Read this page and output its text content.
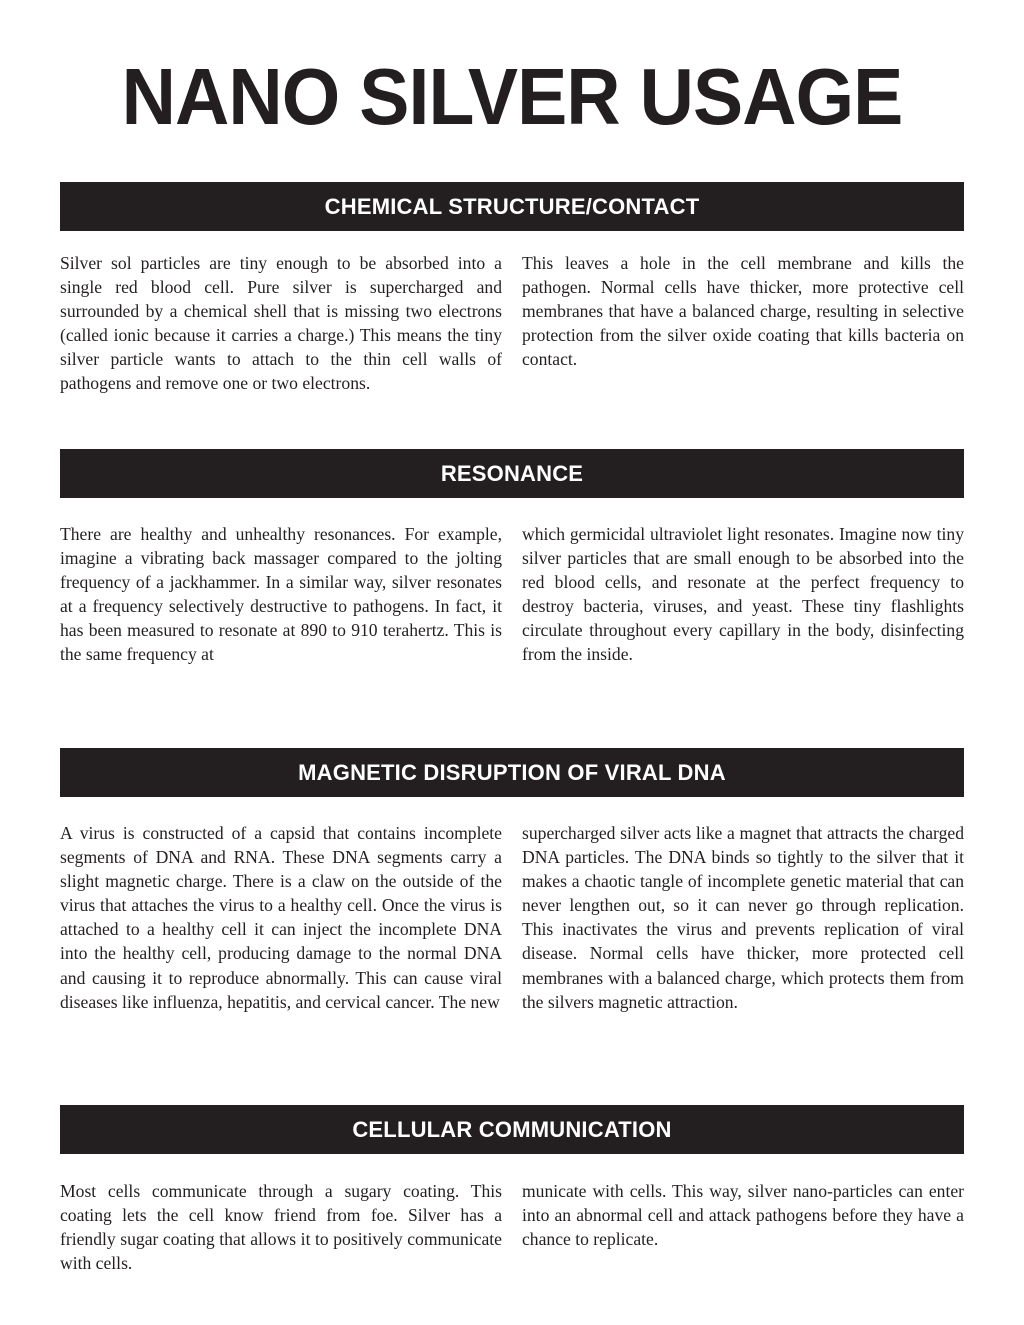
NANO SILVER USAGE
CHEMICAL STRUCTURE/CONTACT

Silver sol particles are tiny enough to be absorbed into a single red blood cell. Pure silver is supercharged and surrounded by a chemical shell that is missing two electrons (called ionic because it carries a charge.) This means the tiny silver particle wants to attach to the thin cell walls of pathogens and remove one or two electrons.

This leaves a hole in the cell membrane and kills the pathogen. Normal cells have thicker, more protective cell membranes that have a balanced charge, resulting in selective protection from the silver oxide coating that kills bacteria on contact.

RESONANCE

There are healthy and unhealthy resonances. For example, imagine a vibrating back massager compared to the jolting frequency of a jackhammer. In a similar way, silver resonates at a frequency selectively destructive to pathogens. In fact, it has been measured to resonate at 890 to 910 terahertz. This is the same frequency at

which germicidal ultraviolet light resonates. Imagine now tiny silver particles that are small enough to be absorbed into the red blood cells, and resonate at the perfect frequency to destroy bacteria, viruses, and yeast. These tiny flashlights circulate throughout every capillary in the body, disinfecting from the inside.

MAGNETIC DISRUPTION OF VIRAL DNA

A virus is constructed of a capsid that contains incomplete segments of DNA and RNA. These DNA segments carry a slight magnetic charge. There is a claw on the outside of the virus that attaches the virus to a healthy cell. Once the virus is attached to a healthy cell it can inject the incomplete DNA into the healthy cell, producing damage to the normal DNA and causing it to reproduce abnormally. This can cause viral diseases like influenza, hepatitis, and cervical cancer. The new

supercharged silver acts like a magnet that attracts the charged DNA particles. The DNA binds so tightly to the silver that it makes a chaotic tangle of incomplete genetic material that can never lengthen out, so it can never go through replication. This inactivates the virus and prevents replication of viral disease. Normal cells have thicker, more protected cell membranes with a balanced charge, which protects them from the silvers magnetic attraction.

CELLULAR COMMUNICATION

Most cells communicate through a sugary coating. This coating lets the cell know friend from foe. Silver has a friendly sugar coating that allows it to positively communicate with cells.

municate with cells. This way, silver nano-particles can enter into an abnormal cell and attack pathogens before they have a chance to replicate.
